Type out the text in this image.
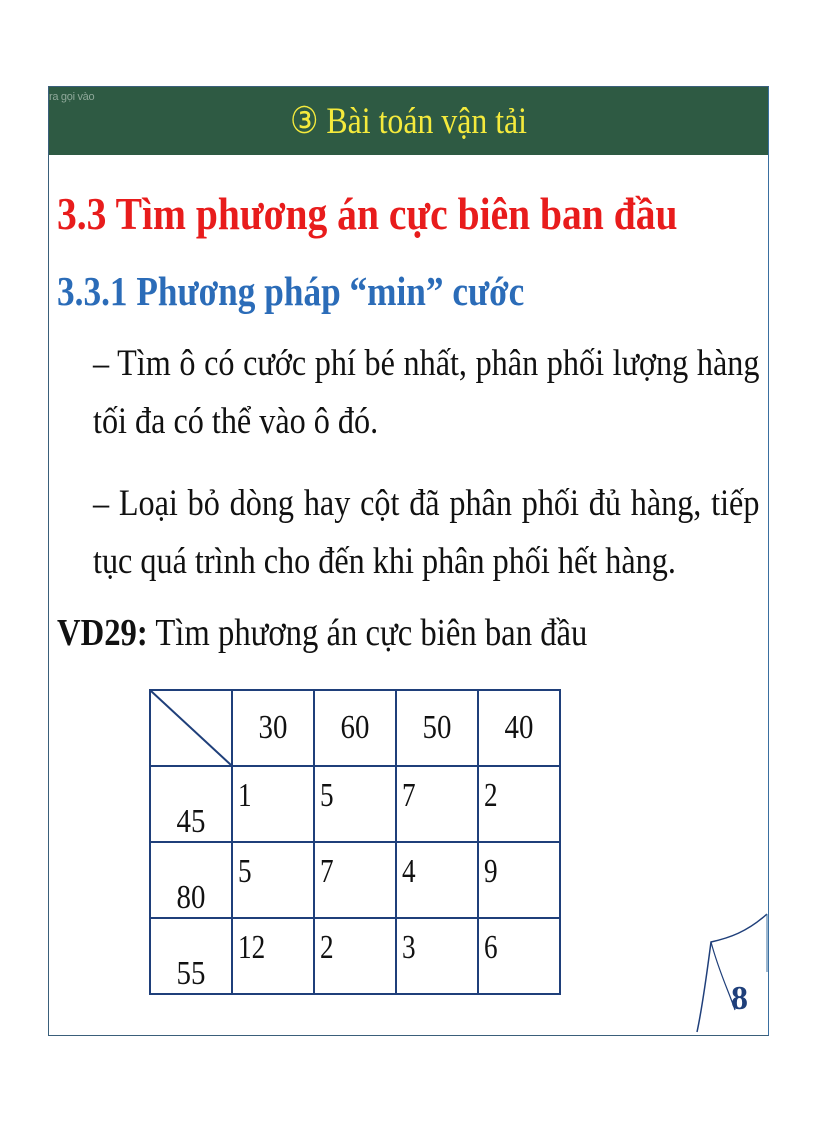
ra gọi vào
③ Bài toán vận tải
3.3 Tìm phương án cực biên ban đầu
3.3.1 Phương pháp “min” cước
– Tìm ô có cước phí bé nhất, phân phối lượng hàng tối đa có thể vào ô đó.
– Loại bỏ dòng hay cột đã phân phối đủ hàng, tiếp tục quá trình cho đến khi phân phối hết hàng.
VD29: Tìm phương án cực biên ban đầu
	30	60	50	40
45	1	5	7	2

80	5	7	4	9

55	12	2	3	6
8
